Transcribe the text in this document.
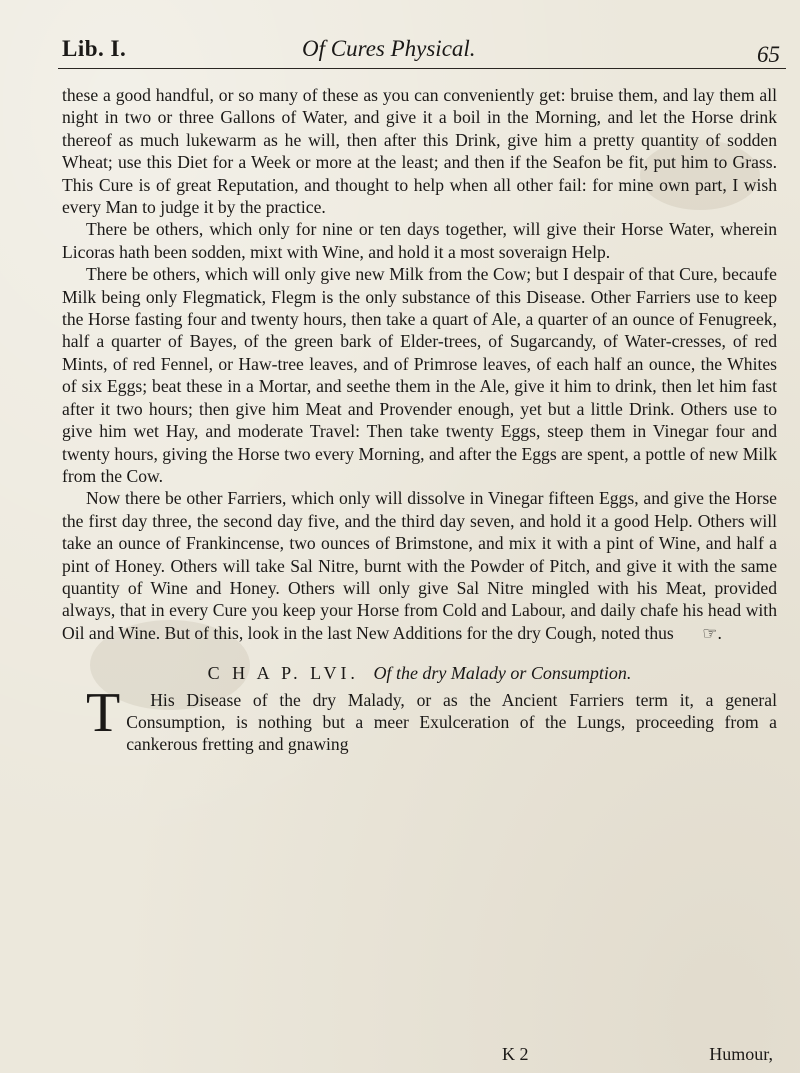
Lib. I.	Of Cures Physical.	65

these a good handful, or so many of these as you can conveniently get: bruise them, and lay them all night in two or three Gallons of Water, and give it a boil in the Morning, and let the Horse drink thereof as much lukewarm as he will, then after this Drink, give him a pretty quantity of sodden Wheat; use this Diet for a Week or more at the least; and then if the Seafon be fit, put him to Grass. This Cure is of great Reputation, and thought to help when all other fail: for mine own part, I wish every Man to judge it by the practice.

There be others, which only for nine or ten days together, will give their Horse Water, wherein Licoras hath been sodden, mixt with Wine, and hold it a most soveraign Help.

There be others, which will only give new Milk from the Cow; but I despair of that Cure, becaufe Milk being only Flegmatick, Flegm is the only substance of this Disease. Other Farriers use to keep the Horse fasting four and twenty hours, then take a quart of Ale, a quarter of an ounce of Fenugreek, half a quarter of Bayes, of the green bark of Elder-trees, of Sugarcandy, of Water-cresses, of red Mints, of red Fennel, or Haw-tree leaves, and of Primrose leaves, of each half an ounce, the Whites of six Eggs; beat these in a Mortar, and seethe them in the Ale, give it him to drink, then let him fast after it two hours; then give him Meat and Provender enough, yet but a little Drink. Others use to give him wet Hay, and moderate Travel: Then take twenty Eggs, steep them in Vinegar four and twenty hours, giving the Horse two every Morning, and after the Eggs are spent, a pottle of new Milk from the Cow.

Now there be other Farriers, which only will dissolve in Vinegar fifteen Eggs, and give the Horse the first day three, the second day five, and the third day seven, and hold it a good Help. Others will take an ounce of Frankincense, two ounces of Brimstone, and mix it with a pint of Wine, and half a pint of Honey. Others will take Sal Nitre, burnt with the Powder of Pitch, and give it with the same quantity of Wine and Honey. Others will only give Sal Nitre mingled with his Meat, provided always, that in every Cure you keep your Horse from Cold and Labour, and daily chafe his head with Oil and Wine. But of this, look in the last New Additions for the dry Cough, noted thus ☞.

C H A P. LVI. Of the dry Malady or Consumption.

T His Disease of the dry Malady, or as the Ancient Farriers term it, a general Consumption, is nothing but a meer Exulceration of the Lungs, proceeding from a cankerous fretting and gnawing

K 2	Humour,
